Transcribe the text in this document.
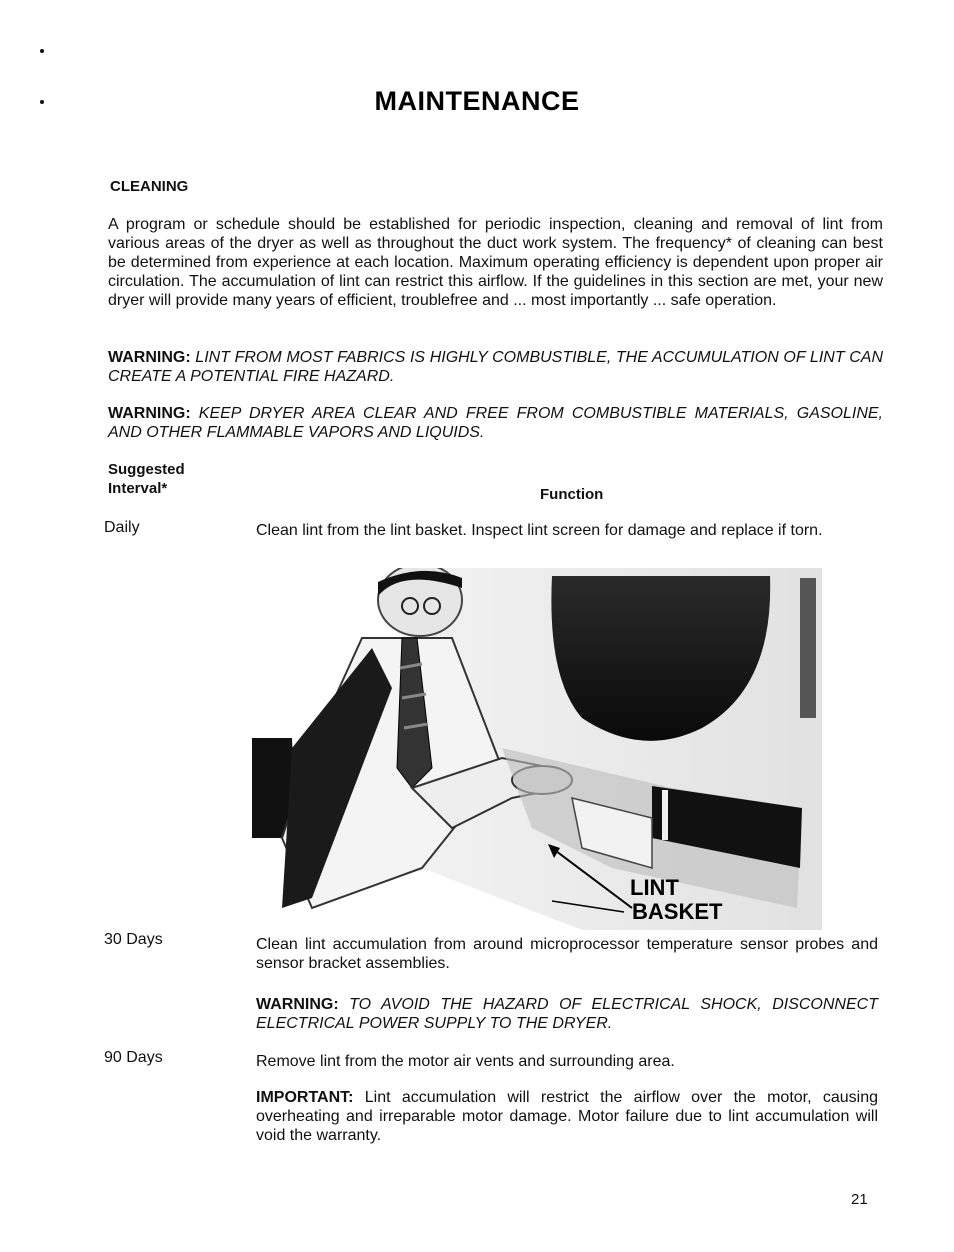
MAINTENANCE
CLEANING
A program or schedule should be established for periodic inspection, cleaning and removal of lint from various areas of the dryer as well as throughout the duct work system. The frequency* of cleaning can best be determined from experience at each location. Maximum operating efficiency is dependent upon proper air circulation. The accumulation of lint can restrict this airflow. If the guidelines in this section are met, your new dryer will provide many years of efficient, troublefree and ... most importantly ... safe operation.
WARNING: LINT FROM MOST FABRICS IS HIGHLY COMBUSTIBLE, THE ACCUMULATION OF LINT CAN CREATE A POTENTIAL FIRE HAZARD.
WARNING: KEEP DRYER AREA CLEAR AND FREE FROM COMBUSTIBLE MATERIALS, GASOLINE, AND OTHER FLAMMABLE VAPORS AND LIQUIDS.
Suggested
Interval*	Function
Daily	Clean lint from the lint basket. Inspect lint screen for damage and replace if torn.
LINT
BASKET
30 Days	Clean lint accumulation from around microprocessor temperature sensor probes and sensor bracket assemblies.
WARNING: TO AVOID THE HAZARD OF ELECTRICAL SHOCK, DISCONNECT ELECTRICAL POWER SUPPLY TO THE DRYER.
90 Days	Remove lint from the motor air vents and surrounding area.
IMPORTANT: Lint accumulation will restrict the airflow over the motor, causing overheating and irreparable motor damage. Motor failure due to lint accumulation will void the warranty.
21
